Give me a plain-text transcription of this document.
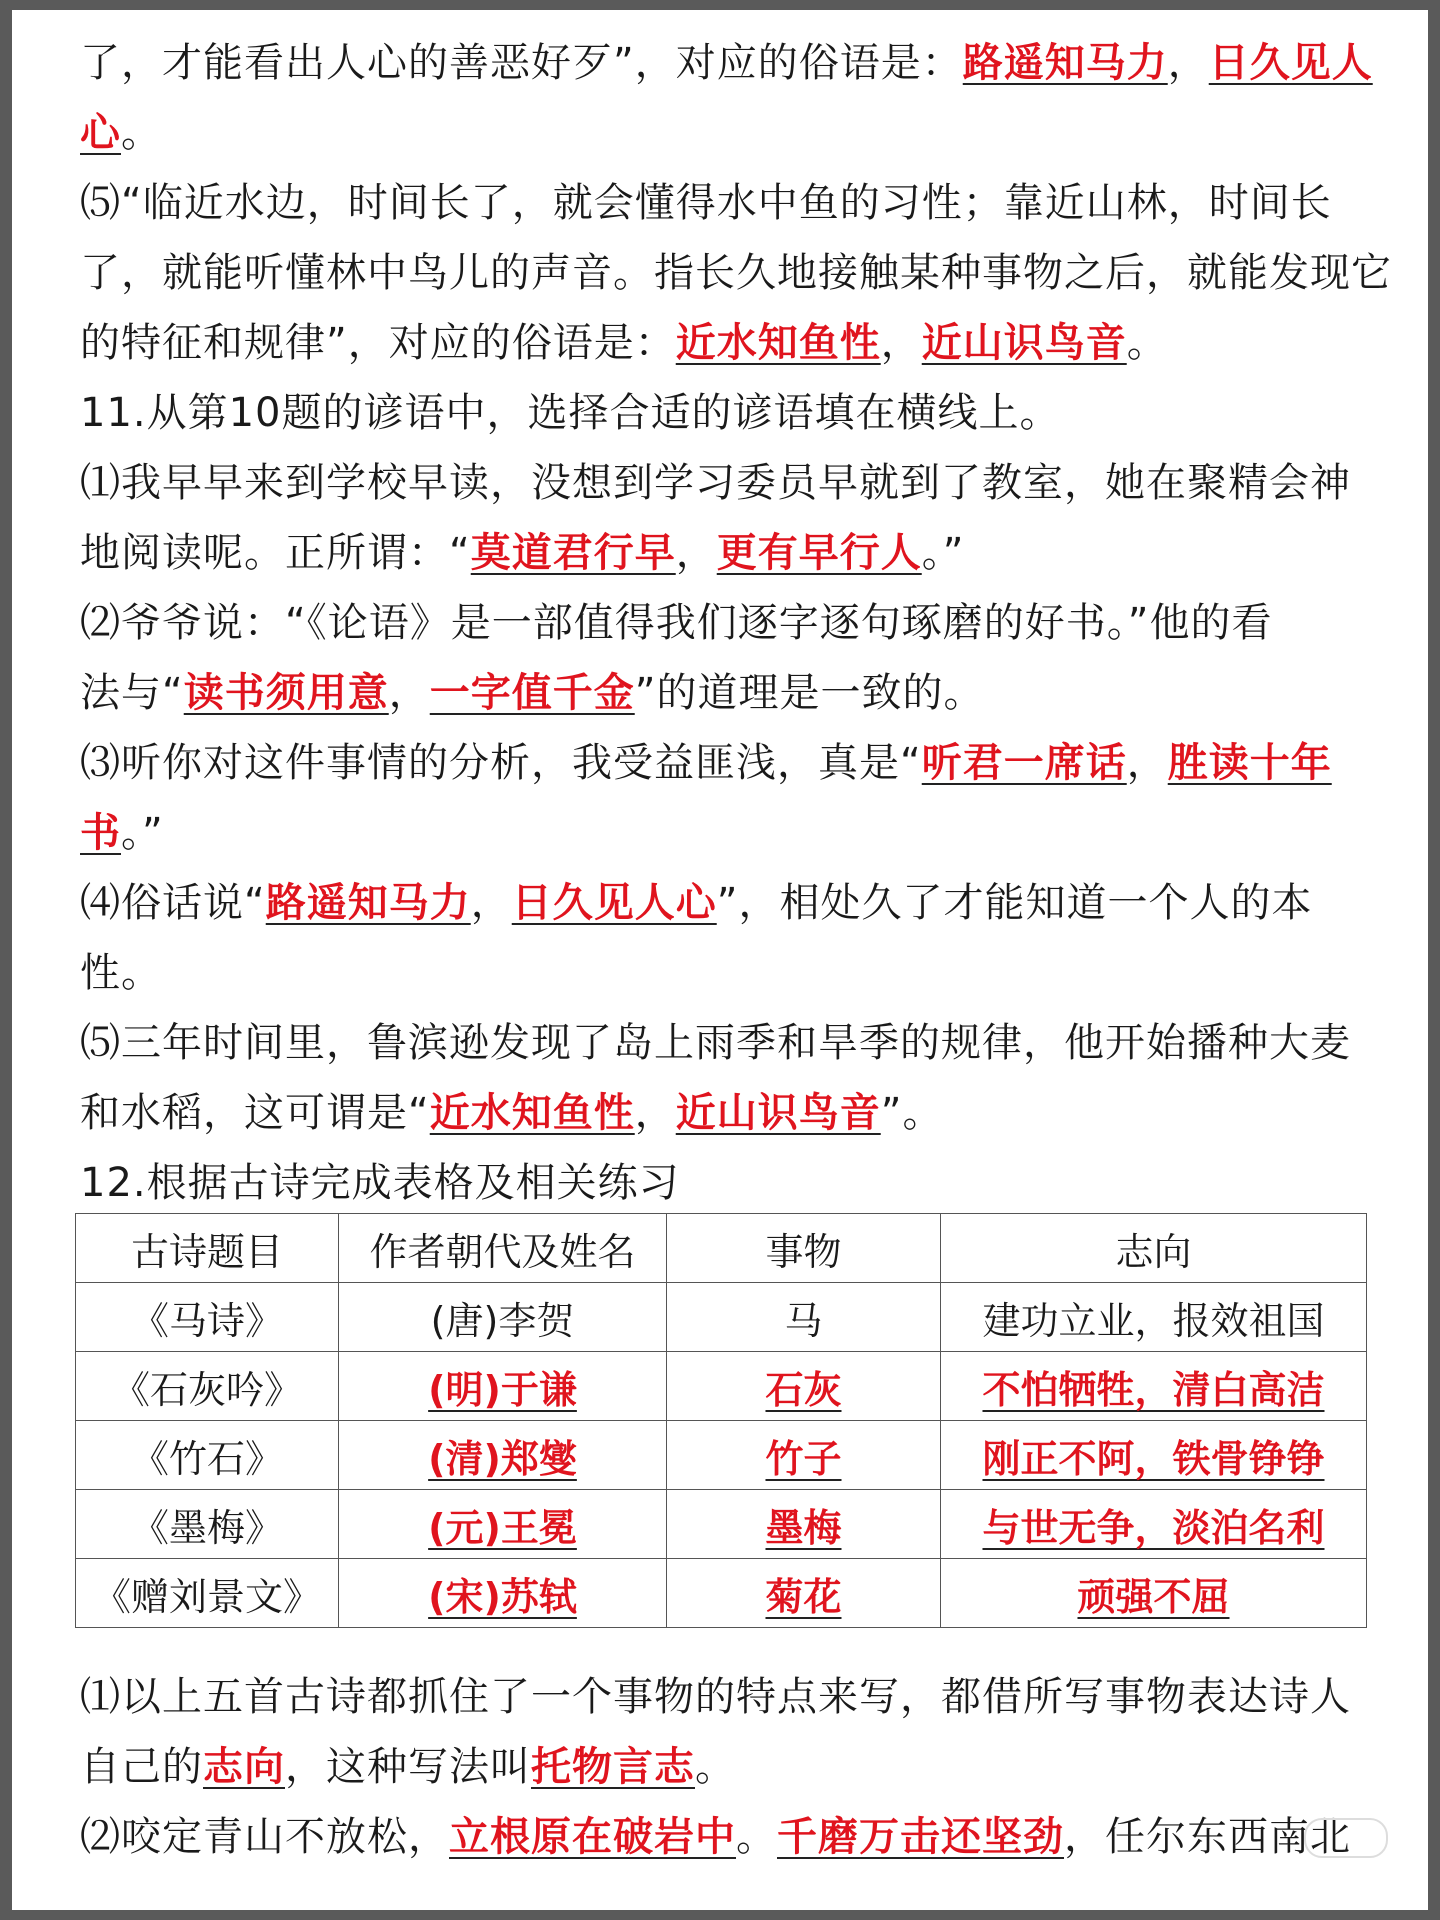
了，才能看出人心的善恶好歹”，对应的俗语是：路遥知马力，日久见人
心。
⑸“临近水边，时间长了，就会懂得水中鱼的习性；靠近山林，时间长
了，就能听懂林中鸟儿的声音。指长久地接触某种事物之后，就能发现它
的特征和规律”，对应的俗语是：近水知鱼性，近山识鸟音。
11.从第10题的谚语中，选择合适的谚语填在横线上。
⑴我早早来到学校早读，没想到学习委员早就到了教室，她在聚精会神
地阅读呢。正所谓：“莫道君行早，更有早行人。”
⑵爷爷说：“《论语》是一部值得我们逐字逐句琢磨的好书。”他的看
法与“读书须用意，一字值千金”的道理是一致的。
⑶听你对这件事情的分析，我受益匪浅，真是“听君一席话，胜读十年
书。”
⑷俗话说“路遥知马力，日久见人心”，相处久了才能知道一个人的本
性。
⑸三年时间里，鲁滨逊发现了岛上雨季和旱季的规律，他开始播种大麦
和水稻，这可谓是“近水知鱼性，近山识鸟音”。
12.根据古诗完成表格及相关练习
古诗题目	作者朝代及姓名	事物	志向
《马诗》	(唐)李贺	马	建功立业，报效祖国
《石灰吟》	(明)于谦	石灰	不怕牺牲，清白高洁
《竹石》	(清)郑燮	竹子	刚正不阿，铁骨铮铮
《墨梅》	(元)王冕	墨梅	与世无争，淡泊名利
《赠刘景文》	(宋)苏轼	菊花	顽强不屈
⑴以上五首古诗都抓住了一个事物的特点来写，都借所写事物表达诗人
自己的志向，这种写法叫托物言志。
⑵咬定青山不放松，立根原在破岩中。千磨万击还坚劲，任尔东西南北
